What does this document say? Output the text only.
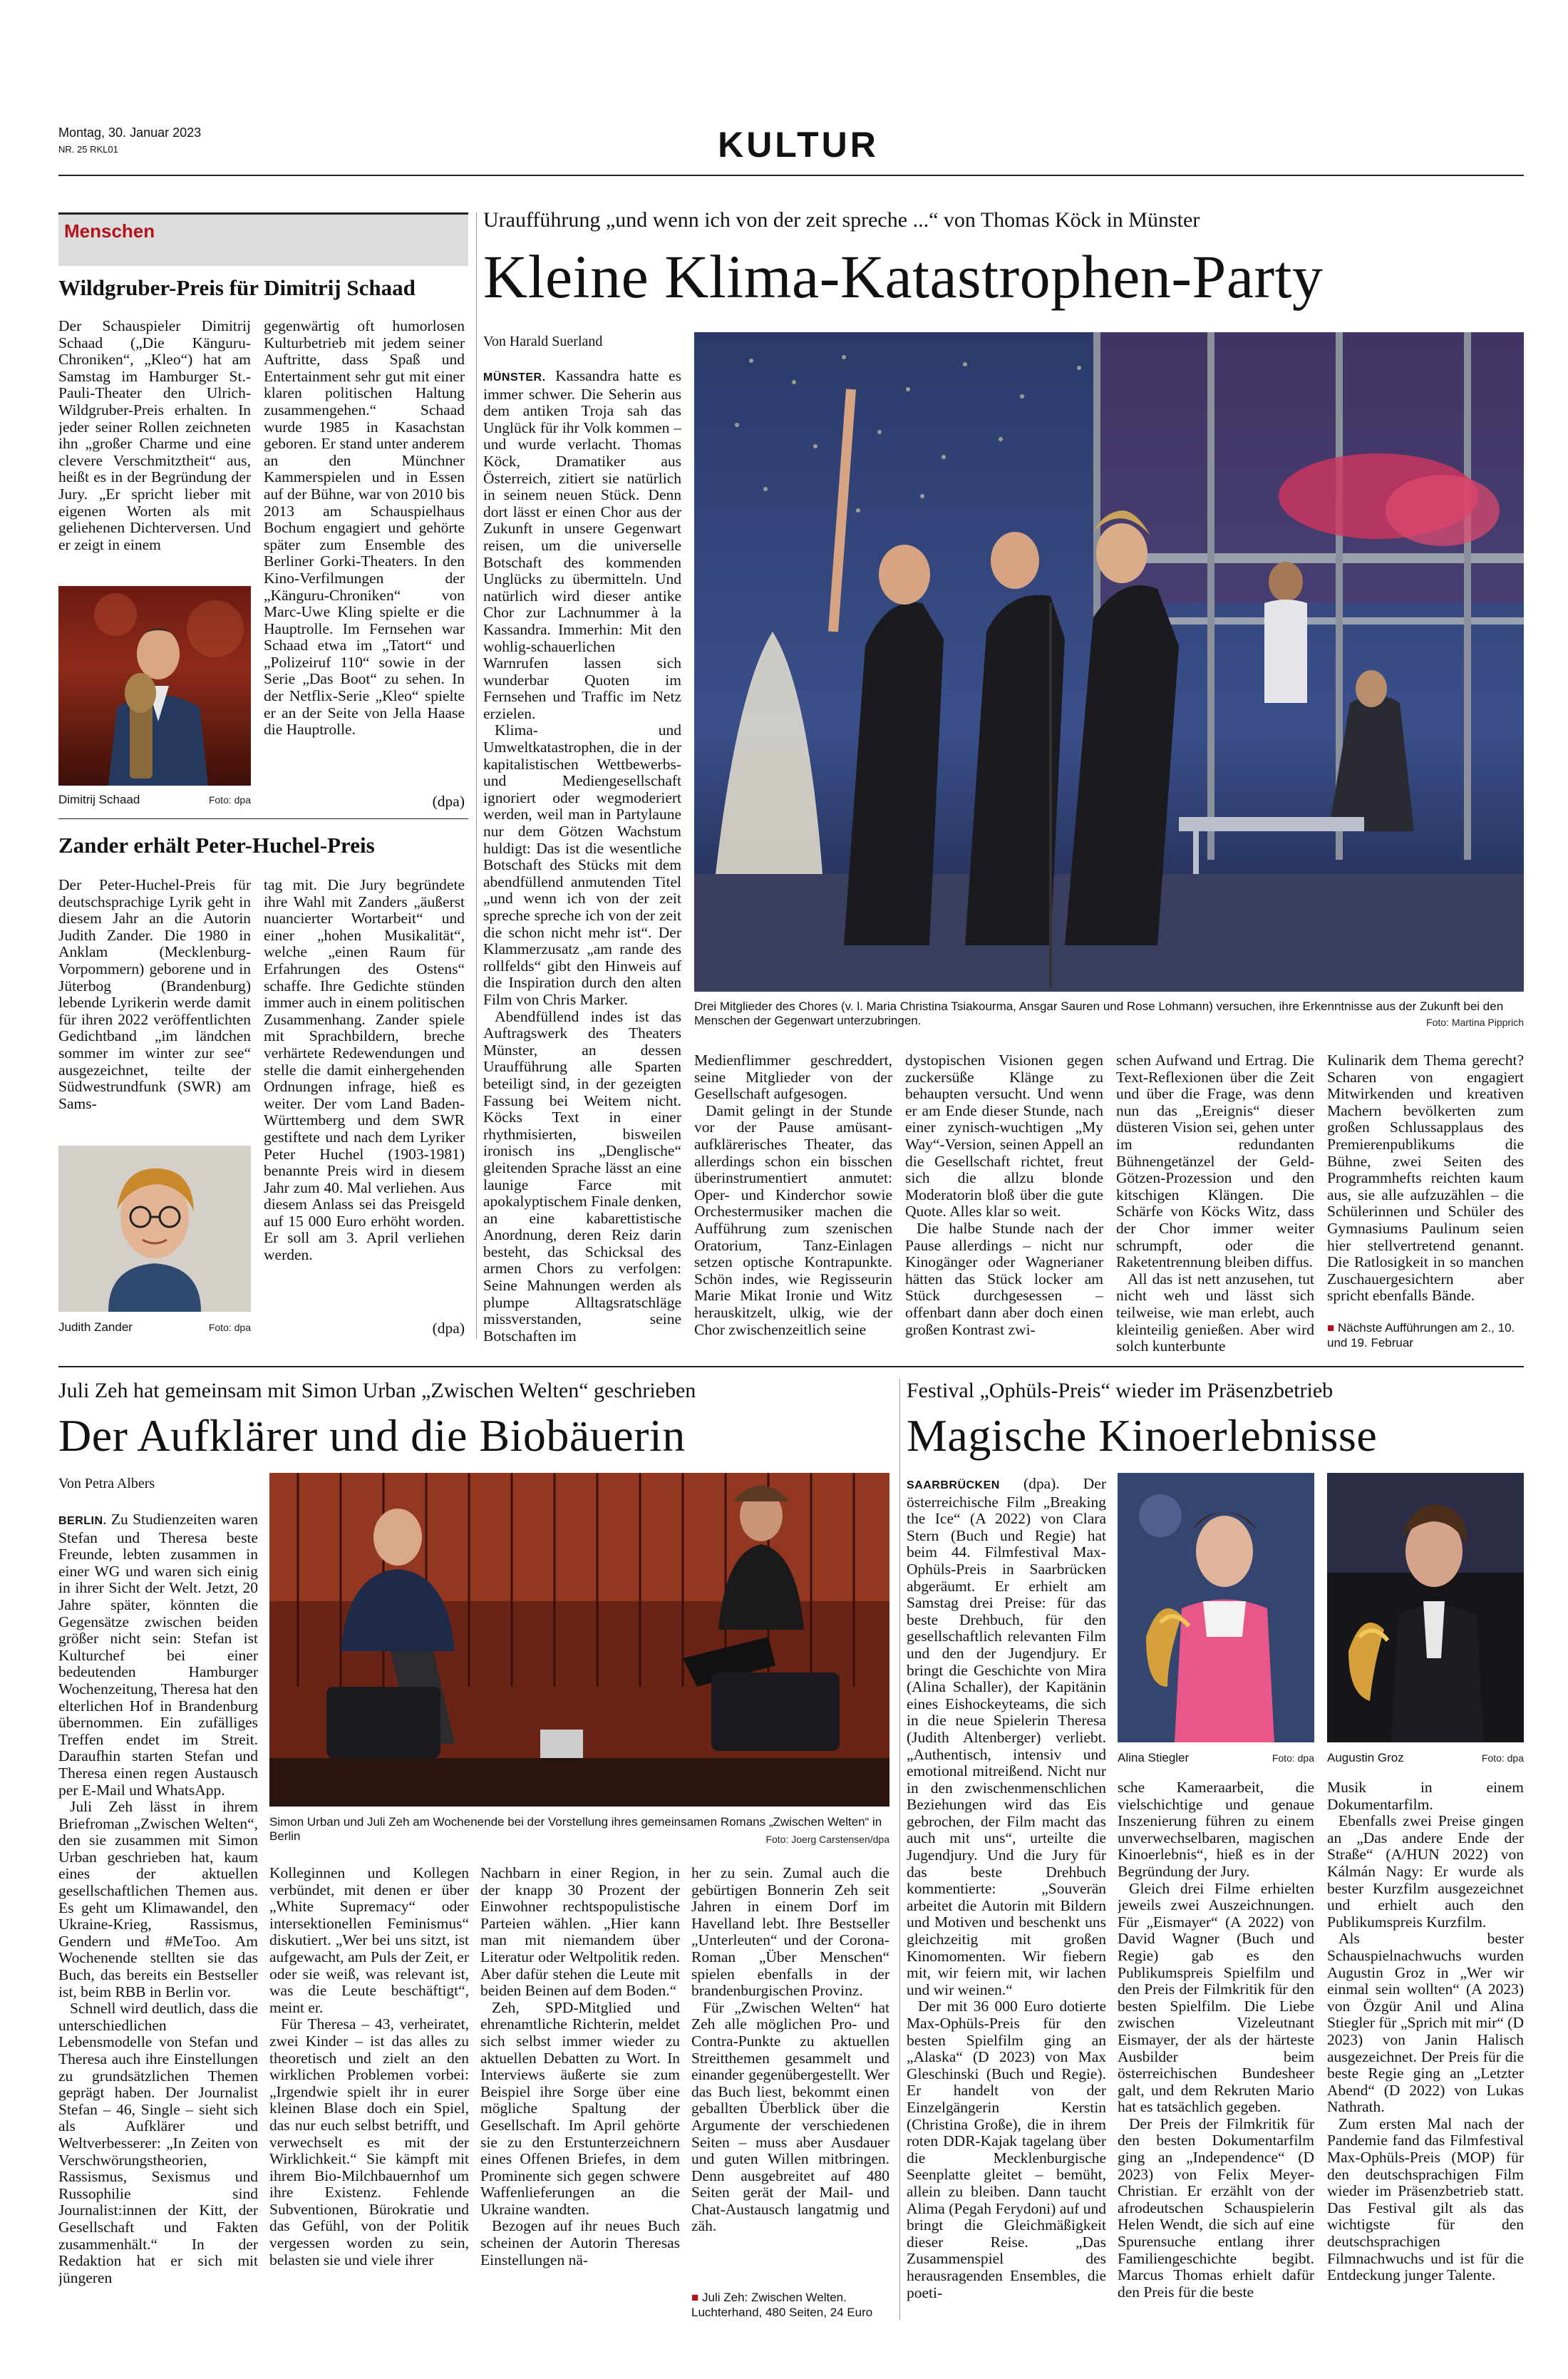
Montag, 30. Januar 2023
NR. 25 RKL01	KULTUR
Menschen
Wildgruber-Preis für Dimitrij Schaad

Der Schauspieler Dimitrij Schaad („Die Känguru-Chroniken“, „Kleo“) hat am Samstag im Hamburger St.-Pauli-Theater den Ulrich-Wildgruber-Preis erhalten. In jeder seiner Rollen zeichneten ihn „großer Charme und eine clevere Verschmitztheit“ aus, heißt es in der Begründung der Jury. „Er spricht lieber mit eigenen Worten als mit geliehenen Dichterversen. Und er zeigt in einem

gegenwärtig oft humorlosen Kulturbetrieb mit jedem seiner Auftritte, dass Spaß und Entertainment sehr gut mit einer klaren politischen Haltung zusammengehen.“ Schaad wurde 1985 in Kasachstan geboren. Er stand unter anderem an den Münchner Kammerspielen und in Essen auf der Bühne, war von 2010 bis 2013 am Schauspielhaus Bochum engagiert und gehörte später zum Ensemble des Berliner Gorki-Theaters. In den Kino-Verfilmungen der „Känguru-Chroniken“ von Marc-Uwe Kling spielte er die Hauptrolle. Im Fernsehen war Schaad etwa im „Tatort“ und „Polizeiruf 110“ sowie in der Serie „Das Boot“ zu sehen. In der Netflix-Serie „Kleo“ spielte er an der Seite von Jella Haase die Hauptrolle.

(dpa)
Dimitrij Schaad	Foto: dpa
Zander erhält Peter-Huchel-Preis

Der Peter-Huchel-Preis für deutschsprachige Lyrik geht in diesem Jahr an die Autorin Judith Zander. Die 1980 in Anklam (Mecklenburg-Vorpommern) geborene und in Jüterbog (Brandenburg) lebende Lyrikerin werde damit für ihren 2022 veröffentlichten Gedichtband „im ländchen sommer im winter zur see“ ausgezeichnet, teilte der Südwestrundfunk (SWR) am Sams-

tag mit. Die Jury begründete ihre Wahl mit Zanders „äußerst nuancierter Wortarbeit“ und einer „hohen Musikalität“, welche „einen Raum für Erfahrungen des Ostens“ schaffe. Ihre Gedichte stünden immer auch in einem politischen Zusammenhang. Zander spiele mit Sprachbildern, breche verhärtete Redewendungen und stelle die damit einhergehenden Ordnungen infrage, hieß es weiter. Der vom Land Baden-Württemberg und dem SWR gestiftete und nach dem Lyriker Peter Huchel (1903-1981) benannte Preis wird in diesem Jahr zum 40. Mal verliehen. Aus diesem Anlass sei das Preisgeld auf 15 000 Euro erhöht worden. Er soll am 3. April verliehen werden.

(dpa)
Judith Zander	Foto: dpa
Uraufführung „und wenn ich von der zeit spreche ...“ von Thomas Köck in Münster
Kleine Klima-Katastrophen-Party
Von Harald Suerland
Drei Mitglieder des Chores (v. l. Maria Christina Tsiakourma, Ansgar Sauren und Rose Lohmann) versuchen, ihre Erkenntnisse aus der Zukunft bei den Menschen der Gegenwart unterzubringen.	Foto: Martina Pipprich

MÜNSTER. Kassandra hatte es immer schwer. Die Seherin aus dem antiken Troja sah das Unglück für ihr Volk kommen – und wurde verlacht. Thomas Köck, Dramatiker aus Österreich, zitiert sie natürlich in seinem neuen Stück. Denn dort lässt er einen Chor aus der Zukunft in unsere Gegenwart reisen, um die universelle Botschaft des kommenden Unglücks zu übermitteln. Und natürlich wird dieser antike Chor zur Lachnummer à la Kassandra. Immerhin: Mit den wohlig-schauerlichen Warnrufen lassen sich wunderbar Quoten im Fernsehen und Traffic im Netz erzielen.

Klima- und Umweltkatastrophen, die in der kapitalistischen Wettbewerbs- und Mediengesellschaft ignoriert oder wegmoderiert werden, weil man in Partylaune nur dem Götzen Wachstum huldigt: Das ist die wesentliche Botschaft des Stücks mit dem abendfüllend anmutenden Titel „und wenn ich von der zeit spreche spreche ich von der zeit die schon nicht mehr ist“. Der Klammerzusatz „am rande des rollfelds“ gibt den Hinweis auf die Inspiration durch den alten Film von Chris Marker.

Abendfüllend indes ist das Auftragswerk des Theaters Münster, an dessen Uraufführung alle Sparten beteiligt sind, in der gezeigten Fassung bei Weitem nicht. Köcks Text in einer rhythmisierten, bisweilen ironisch ins „Denglische“ gleitenden Sprache lässt an eine launige Farce mit apokalyptischem Finale denken, an eine kabarettistische Anordnung, deren Reiz darin besteht, das Schicksal des armen Chors zu verfolgen: Seine Mahnungen werden als plumpe Alltagsratschläge missverstanden, seine Botschaften im

Medienflimmer geschreddert, seine Mitglieder von der Gesellschaft aufgesogen.

Damit gelingt in der Stunde vor der Pause amüsant-aufklärerisches Theater, das allerdings schon ein bisschen überinstrumentiert anmutet: Oper- und Kinderchor sowie Orchestermusiker machen die Aufführung zum szenischen Oratorium, Tanz-Einlagen setzen optische Kontrapunkte. Schön indes, wie Regisseurin Marie Mikat Ironie und Witz herauskitzelt, ulkig, wie der Chor zwischenzeitlich seine

dystopischen Visionen gegen zuckersüße Klänge zu behaupten versucht. Und wenn er am Ende dieser Stunde, nach einer zynisch-wuchtigen „My Way“-Version, seinen Appell an die Gesellschaft richtet, freut sich die allzu blonde Moderatorin bloß über die gute Quote. Alles klar so weit.

Die halbe Stunde nach der Pause allerdings – nicht nur Kinogänger oder Wagnerianer hätten das Stück locker am Stück durchgesessen – offenbart dann aber doch einen großen Kontrast zwi-

schen Aufwand und Ertrag. Die Text-Reflexionen über die Zeit und über die Frage, was denn nun das „Ereignis“ dieser düsteren Vision sei, gehen unter im redundanten Bühnengetänzel der Geld-Götzen-Prozession und den kitschigen Klängen. Die Schärfe von Köcks Witz, dass der Chor immer weiter schrumpft, oder die Raketentrennung bleiben diffus.

All das ist nett anzusehen, tut nicht weh und lässt sich teilweise, wie man erlebt, auch kleinteilig genießen. Aber wird solch kunterbunte

Kulinarik dem Thema gerecht? Scharen von engagiert Mitwirkenden und kreativen Machern bevölkerten zum großen Schlussapplaus des Premierenpublikums die Bühne, zwei Seiten des Programmhefts reichten kaum aus, sie alle aufzuzählen – die Schülerinnen und Schüler des Gymnasiums Paulinum seien hier stellvertretend genannt. Die Ratlosigkeit in so manchen Zuschauergesichtern aber spricht ebenfalls Bände.

■ Nächste Aufführungen am 2., 10. und 19. Februar
Juli Zeh hat gemeinsam mit Simon Urban „Zwischen Welten“ geschrieben
Der Aufklärer und die Biobäuerin
Von Petra Albers
Simon Urban und Juli Zeh am Wochenende bei der Vorstellung ihres gemeinsamen Romans „Zwischen Welten“ in Berlin	Foto: Joerg Carstensen/dpa

BERLIN. Zu Studienzeiten waren Stefan und Theresa beste Freunde, lebten zusammen in einer WG und waren sich einig in ihrer Sicht der Welt. Jetzt, 20 Jahre später, könnten die Gegensätze zwischen beiden größer nicht sein: Stefan ist Kulturchef bei einer bedeutenden Hamburger Wochenzeitung, Theresa hat den elterlichen Hof in Brandenburg übernommen. Ein zufälliges Treffen endet im Streit. Daraufhin starten Stefan und Theresa einen regen Austausch per E-Mail und WhatsApp.

Juli Zeh lässt in ihrem Briefroman „Zwischen Welten“, den sie zusammen mit Simon Urban geschrieben hat, kaum eines der aktuellen gesellschaftlichen Themen aus. Es geht um Klimawandel, den Ukraine-Krieg, Rassismus, Gendern und #MeToo. Am Wochenende stellten sie das Buch, das bereits ein Bestseller ist, beim RBB in Berlin vor.

Schnell wird deutlich, dass die unterschiedlichen Lebensmodelle von Stefan und Theresa auch ihre Einstellungen zu grundsätzlichen Themen geprägt haben. Der Journalist Stefan – 46, Single – sieht sich als Aufklärer und Weltverbesserer: „In Zeiten von Verschwörungstheorien, Rassismus, Sexismus und Russophilie sind Journalist:innen der Kitt, der Gesellschaft und Fakten zusammenhält.“ In der Redaktion hat er sich mit jüngeren

Kolleginnen und Kollegen verbündet, mit denen er über „White Supremacy“ oder intersektionellen Feminismus“ diskutiert. „Wer bei uns sitzt, ist aufgewacht, am Puls der Zeit, er oder sie weiß, was relevant ist, was die Leute beschäftigt“, meint er.

Für Theresa – 43, verheiratet, zwei Kinder – ist das alles zu theoretisch und zielt an den wirklichen Problemen vorbei: „Irgendwie spielt ihr in eurer kleinen Blase doch ein Spiel, das nur euch selbst betrifft, und verwechselt es mit der Wirklichkeit.“ Sie kämpft mit ihrem Bio-Milchbauernhof um ihre Existenz. Fehlende Subventionen, Bürokratie und das Gefühl, von der Politik vergessen worden zu sein, belasten sie und viele ihrer

Nachbarn in einer Region, in der knapp 30 Prozent der Einwohner rechtspopulistische Parteien wählen. „Hier kann man mit niemandem über Literatur oder Weltpolitik reden. Aber dafür stehen die Leute mit beiden Beinen auf dem Boden.“

Zeh, SPD-Mitglied und ehrenamtliche Richterin, meldet sich selbst immer wieder zu aktuellen Debatten zu Wort. In Interviews äußerte sie zum Beispiel ihre Sorge über eine mögliche Spaltung der Gesellschaft. Im April gehörte sie zu den Erstunterzeichnern eines Offenen Briefes, in dem Prominente sich gegen schwere Waffenlieferungen an die Ukraine wandten.

Bezogen auf ihr neues Buch scheinen der Autorin Theresas Einstellungen nä-

her zu sein. Zumal auch die gebürtigen Bonnerin Zeh seit Jahren in einem Dorf im Havelland lebt. Ihre Bestseller „Unterleuten“ und der Corona-Roman „Über Menschen“ spielen ebenfalls in der brandenburgischen Provinz.

Für „Zwischen Welten“ hat Zeh alle möglichen Pro- und Contra-Punkte zu aktuellen Streitthemen gesammelt und einander gegenübergestellt. Wer das Buch liest, bekommt einen geballten Überblick über die Argumente der verschiedenen Seiten – muss aber Ausdauer und guten Willen mitbringen. Denn ausgebreitet auf 480 Seiten gerät der Mail- und Chat-Austausch langatmig und zäh.

■ Juli Zeh: Zwischen Welten. Luchterhand, 480 Seiten, 24 Euro
Festival „Ophüls-Preis“ wieder im Präsenzbetrieb
Magische Kinoerlebnisse

SAARBRÜCKEN (dpa). Der österreichische Film „Breaking the Ice“ (A 2022) von Clara Stern (Buch und Regie) hat beim 44. Filmfestival Max-Ophüls-Preis in Saarbrücken abgeräumt. Er erhielt am Samstag drei Preise: für das beste Drehbuch, für den gesellschaftlich relevanten Film und den der Jugendjury. Er bringt die Geschichte von Mira (Alina Schaller), der Kapitänin eines Eishockeyteams, die sich in die neue Spielerin Theresa (Judith Altenberger) verliebt. „Authentisch, intensiv und emotional mitreißend. Nicht nur in den zwischenmenschlichen Beziehungen wird das Eis gebrochen, der Film macht das auch mit uns“, urteilte die Jugendjury. Und die Jury für das beste Drehbuch kommentierte: „Souverän arbeitet die Autorin mit Bildern und Motiven und beschenkt uns gleichzeitig mit großen Kinomomenten. Wir fiebern mit, wir feiern mit, wir lachen und wir weinen.“

Der mit 36 000 Euro dotierte Max-Ophüls-Preis für den besten Spielfilm ging an „Alaska“ (D 2023) von Max Gleschinski (Buch und Regie). Er handelt von der Einzelgängerin Kerstin (Christina Große), die in ihrem roten DDR-Kajak tagelang über die Mecklenburgische Seenplatte gleitet – bemüht, allein zu bleiben. Dann taucht Alima (Pegah Ferydoni) auf und bringt die Gleichmäßigkeit dieser Reise. „Das Zusammenspiel des herausragenden Ensembles, die poeti-

Alina Stiegler	Foto: dpa Augustin Groz	Foto: dpa

sche Kameraarbeit, die vielschichtige und genaue Inszenierung führen zu einem unverwechselbaren, magischen Kinoerlebnis“, hieß es in der Begründung der Jury.

Gleich drei Filme erhielten jeweils zwei Auszeichnungen. Für „Eismayer“ (A 2022) von David Wagner (Buch und Regie) gab es den Publikumspreis Spielfilm und den Preis der Filmkritik für den besten Spielfilm. Die Liebe zwischen Vizeleutnant Eismayer, der als der härteste Ausbilder beim österreichischen Bundesheer galt, und dem Rekruten Mario hat es tatsächlich gegeben.

Der Preis der Filmkritik für den besten Dokumentarfilm ging an „Independence“ (D 2023) von Felix Meyer-Christian. Er erzählt von der afrodeutschen Schauspielerin Helen Wendt, die sich auf eine Spurensuche entlang ihrer Familiengeschichte begibt. Marcus Thomas erhielt dafür den Preis für die beste

Musik in einem Dokumentarfilm.

Ebenfalls zwei Preise gingen an „Das andere Ende der Straße“ (A/HUN 2022) von Kálmán Nagy: Er wurde als bester Kurzfilm ausgezeichnet und erhielt auch den Publikumspreis Kurzfilm.

Als bester Schauspielnachwuchs wurden Augustin Groz in „Wer wir einmal sein wollten“ (A 2023) von Özgür Anil und Alina Stiegler für „Sprich mit mir“ (D 2023) von Janin Halisch ausgezeichnet. Der Preis für die beste Regie ging an „Letzter Abend“ (D 2022) von Lukas Nathrath.

Zum ersten Mal nach der Pandemie fand das Filmfestival Max-Ophüls-Preis (MOP) für den deutschsprachigen Film wieder im Präsenzbetrieb statt. Das Festival gilt als das wichtigste für den deutschsprachigen Filmnachwuchs und ist für die Entdeckung junger Talente.
